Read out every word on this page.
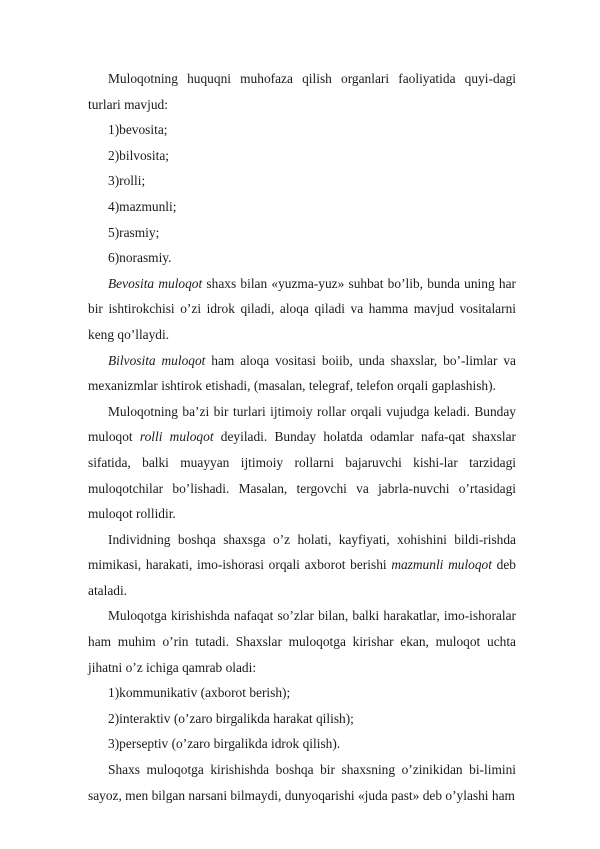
Muloqotning huquqni muhofaza qilish organlari faoliyatida quyi-dagi turlari mavjud:

1)bevosita;

2)bilvosita;

3)rolli;

4)mazmunli;

5)rasmiy;

6)norasmiy.

Bevosita muloqot shaxs bilan «yuzma-yuz» suhbat bo’lib, bunda uning har bir ishtirokchisi o’zi idrok qiladi, aloqa qiladi va hamma mavjud vositalarni keng qo’llaydi.

Bilvosita muloqot ham aloqa vositasi boiib, unda shaxslar, bo’-limlar va mexanizmlar ishtirok etishadi, (masalan, telegraf, telefon orqali gaplashish).

Muloqotning ba’zi bir turlari ijtimoiy rollar orqali vujudga keladi. Bunday muloqot rolli muloqot deyiladi. Bunday holatda odamlar nafa-qat shaxslar sifatida, balki muayyan ijtimoiy rollarni bajaruvchi kishi-lar tarzidagi muloqotchilar bo’lishadi. Masalan, tergovchi va jabrla-nuvchi o’rtasidagi muloqot rollidir.

Individning boshqa shaxsga o’z holati, kayfiyati, xohishini bildi-rishda mimikasi, harakati, imo-ishorasi orqali axborot berishi mazmunli muloqot deb ataladi.

Muloqotga kirishishda nafaqat so’zlar bilan, balki harakatlar, imo-ishoralar ham muhim o’rin tutadi. Shaxslar muloqotga kirishar ekan, muloqot uchta jihatni o’z ichiga qamrab oladi:

1)kommunikativ (axborot berish);

2)interaktiv (o’zaro birgalikda harakat qilish);

3)perseptiv (o’zaro birgalikda idrok qilish).

Shaxs muloqotga kirishishda boshqa bir shaxsning o’zinikidan bi-limini sayoz, men bilgan narsani bilmaydi, dunyoqarishi «juda past» deb o’ylashi ham
